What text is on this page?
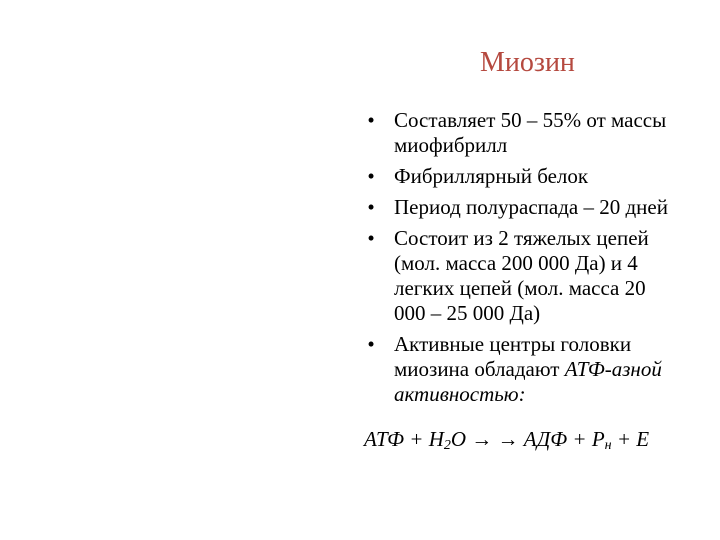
Миозин
• Составляет 50 – 55% от массы
миофибрилл
• Фибриллярный белок
• Период полураспада – 20 дней
• Состоит из 2 тяжелых цепей
(мол. масса 200 000 Да) и 4
легких цепей (мол. масса 20
000 – 25 000 Да)
• Активные центры головки
миозина обладают АТФ-азной
активностью:
АТФ + $Н_2О$ → → АДФ + $Р_н + Е$
